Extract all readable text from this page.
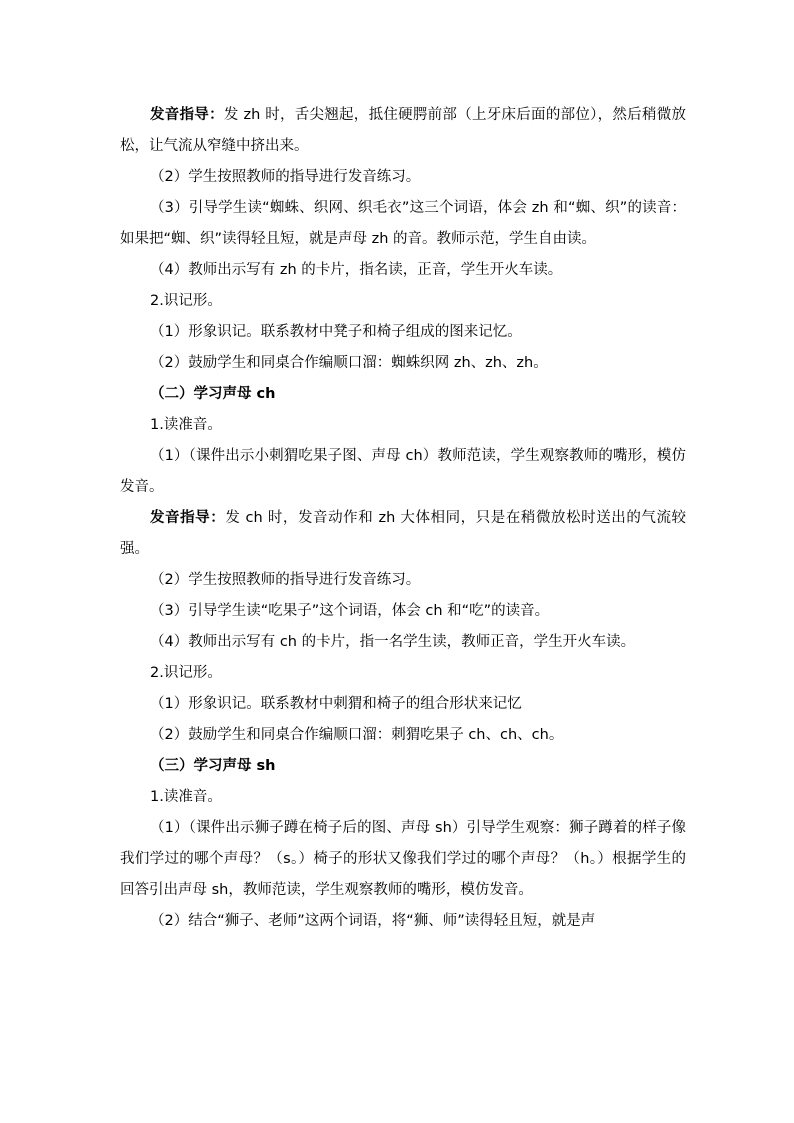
发音指导：发 zh 时，舌尖翘起，抵住硬腭前部（上牙床后面的部位），然后稍微放松，让气流从窄缝中挤出来。

（2）学生按照教师的指导进行发音练习。

（3）引导学生读“蜘蛛、织网、织毛衣”这三个词语，体会 zh 和“蜘、织”的读音：如果把“蜘、织”读得轻且短，就是声母 zh 的音。教师示范，学生自由读。

（4）教师出示写有 zh 的卡片，指名读，正音，学生开火车读。

2.识记形。

（1）形象识记。联系教材中凳子和椅子组成的图来记忆。

（2）鼓励学生和同桌合作编顺口溜：蜘蛛织网 zh、zh、zh。

（二）学习声母 ch

1.读准音。

（1）（课件出示小刺猬吃果子图、声母 ch）教师范读，学生观察教师的嘴形，模仿发音。

发音指导：发 ch 时，发音动作和 zh 大体相同，只是在稍微放松时送出的气流较强。

（2）学生按照教师的指导进行发音练习。

（3）引导学生读“吃果子”这个词语，体会 ch 和“吃”的读音。

（4）教师出示写有 ch 的卡片，指一名学生读，教师正音，学生开火车读。

2.识记形。

（1）形象识记。联系教材中刺猬和椅子的组合形状来记忆

（2）鼓励学生和同桌合作编顺口溜：刺猬吃果子 ch、ch、ch。

（三）学习声母 sh

1.读准音。

（1）（课件出示狮子蹲在椅子后的图、声母 sh）引导学生观察：狮子蹲着的样子像我们学过的哪个声母？（s。）椅子的形状又像我们学过的哪个声母？（h。）根据学生的回答引出声母 sh，教师范读，学生观察教师的嘴形，模仿发音。

（2）结合“狮子、老师”这两个词语，将“狮、师”读得轻且短，就是声
